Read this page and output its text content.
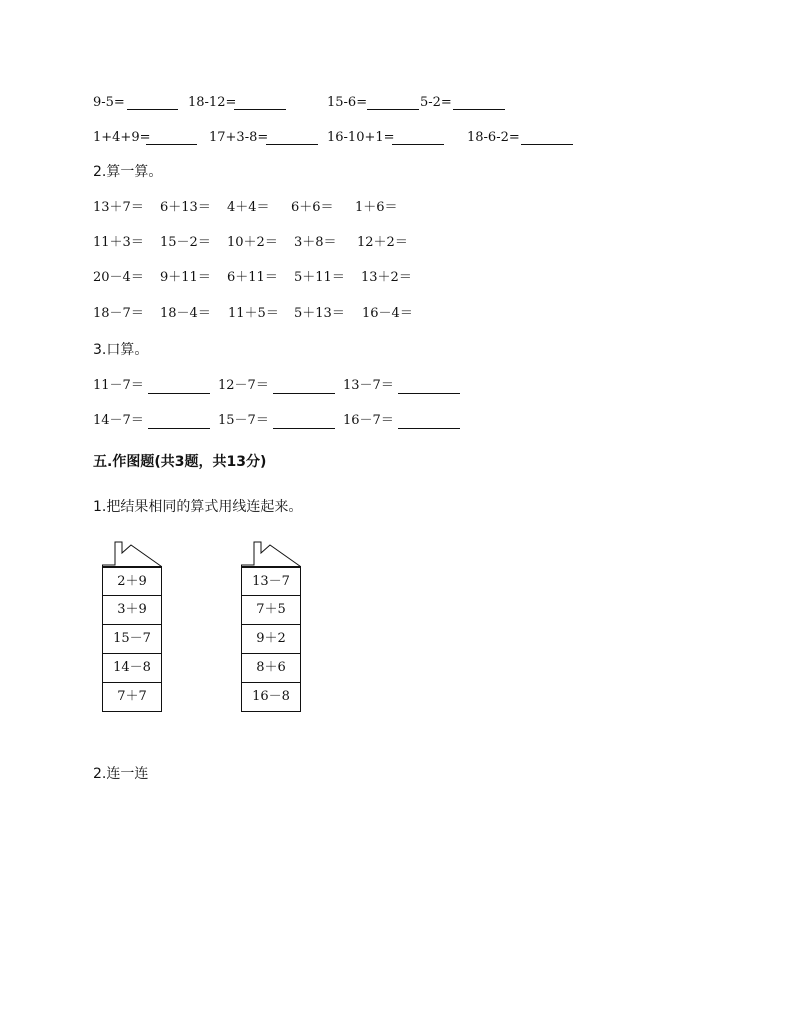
9-5=	18-12=	15-6=	5-2=
1+4+9=	17+3-8=	16-10+1=	18-6-2=
2.算一算。
13＋7＝ 6＋13＝ 4＋4＝ 6＋6＝ 1＋6＝
11＋3＝ 15－2＝ 10＋2＝ 3＋8＝ 12＋2＝
20－4＝ 9＋11＝ 6＋11＝ 5＋11＝ 13＋2＝
18－7＝ 18－4＝ 11＋5＝ 5＋13＝ 16－4＝
3.口算。
11－7＝	12－7＝	13－7＝
14－7＝	15－7＝	16－7＝
五.作图题(共3题，共13分)
1.把结果相同的算式用线连起来。
2＋9
3＋9
15－7
14－8
7＋7
13－7
7＋5
9＋2
8＋6
16－8
2.连一连
